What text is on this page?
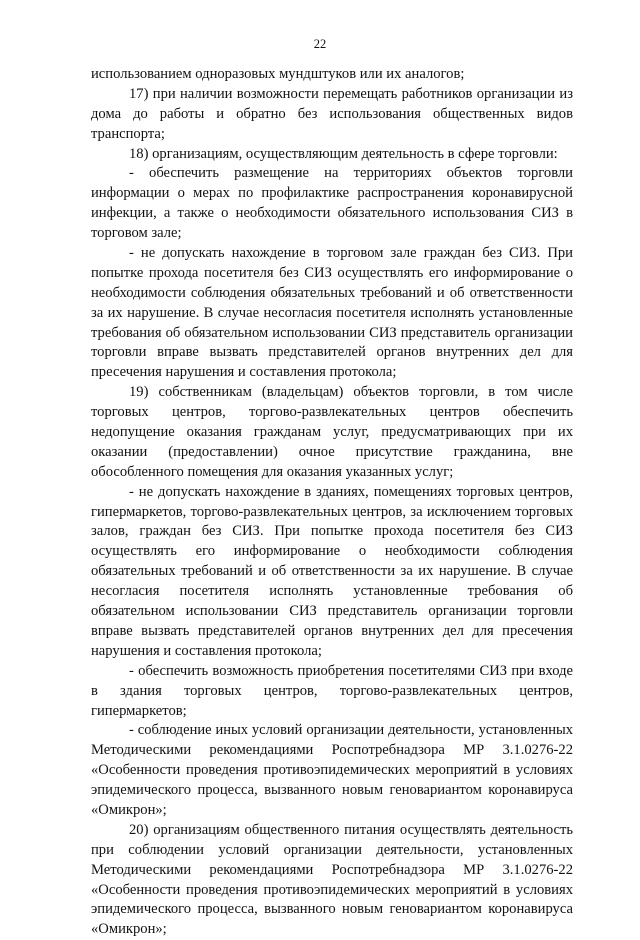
22
использованием одноразовых мундштуков или их аналогов;
17) при наличии возможности перемещать работников организации из
дома до работы и обратно без использования общественных видов
транспорта;
18) организациям, осуществляющим деятельность в сфере торговли:
- обеспечить размещение на территориях объектов торговли
информации о мерах по профилактике распространения коронавирусной
инфекции, а также о необходимости обязательного использования СИЗ в
торговом зале;
- не допускать нахождение в торговом зале граждан без СИЗ. При
попытке прохода посетителя без СИЗ осуществлять его информирование о
необходимости соблюдения обязательных требований и об ответственности
за их нарушение. В случае несогласия посетителя исполнять установленные
требования об обязательном использовании СИЗ представитель организации
торговли вправе вызвать представителей органов внутренних дел для
пресечения нарушения и составления протокола;
19) собственникам (владельцам) объектов торговли, в том числе
торговых центров, торгово-развлекательных центров обеспечить
недопущение оказания гражданам услуг, предусматривающих при их
оказании (предоставлении) очное присутствие гражданина, вне
обособленного помещения для оказания указанных услуг;
- не допускать нахождение в зданиях, помещениях торговых центров,
гипермаркетов, торгово-развлекательных центров, за исключением торговых
залов, граждан без СИЗ. При попытке прохода посетителя без СИЗ
осуществлять его информирование о необходимости соблюдения
обязательных требований и об ответственности за их нарушение. В случае
несогласия посетителя исполнять установленные требования об
обязательном использовании СИЗ представитель организации торговли
вправе вызвать представителей органов внутренних дел для пресечения
нарушения и составления протокола;
- обеспечить возможность приобретения посетителями СИЗ при входе
в здания торговых центров, торгово-развлекательных центров,
гипермаркетов;
- соблюдение иных условий организации деятельности, установленных
Методическими рекомендациями Роспотребнадзора МР 3.1.0276-22
«Особенности проведения противоэпидемических мероприятий в условиях
эпидемического процесса, вызванного новым геновариантом коронавируса
«Омикрон»;
20) организациям общественного питания осуществлять деятельность
при соблюдении условий организации деятельности, установленных
Методическими рекомендациями Роспотребнадзора МР 3.1.0276-22
«Особенности проведения противоэпидемических мероприятий в условиях
эпидемического процесса, вызванного новым геновариантом коронавируса
«Омикрон»;
